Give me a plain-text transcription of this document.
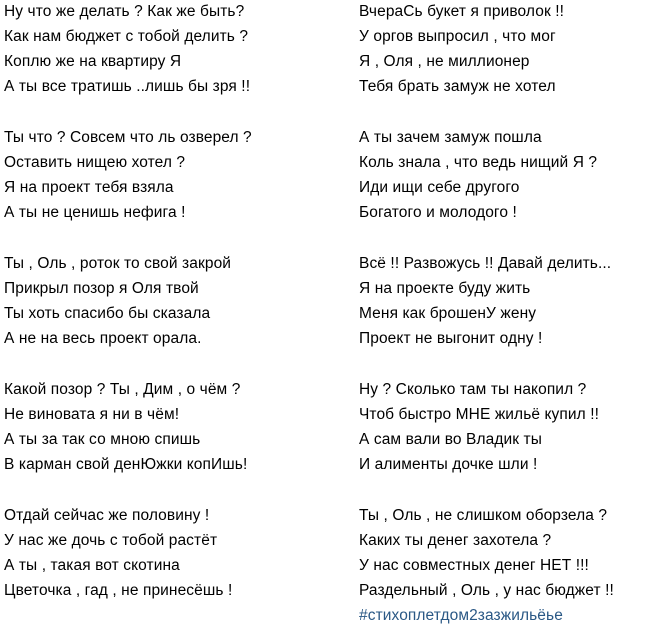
Ну что же делать ? Как же быть?
Как нам бюджет с тобой делить ?
Коплю же на квартиру Я
А ты все тратишь ..лишь бы зря !!
Ты что ? Совсем что ль озверел ?
Оставить нищею хотел ?
Я на проект тебя взяла
А ты не ценишь нефига !
Ты , Оль , роток то свой закрой
Прикрыл позор я Оля твой
Ты хоть спасибо бы сказала
А не на весь проект орала.
Какой позор ? Ты , Дим , о чём ?
Не виновата я ни в чём!
А ты за так со мною спишь
В карман свой денЮжки копИшь!
Отдай сейчас же половину !
У нас же дочь с тобой растёт
А ты , такая вот скотина
Цветочка , гад , не принесёшь !
ВчераСь букет я приволок !!
У оргов выпросил , что мог
Я , Оля , не миллионер
Тебя брать замуж не хотел
А ты зачем замуж пошла
Коль знала , что ведь нищий Я ?
Иди ищи себе другого
Богатого и молодого !
Всё !! Развожусь !! Давай делить...
Я на проекте буду жить
Меня как брошенУ жену
Проект не выгонит одну !
Ну ? Сколько там ты накопил ?
Чтоб быстро МНЕ жильё купил !!
А сам вали во Владик ты
И алименты дочке шли !
Ты , Оль , не слишком оборзела ?
Каких ты денег захотела ?
У нас совместных денег НЕТ !!!
Раздельный , Оль , у нас бюджет !!
#стихоплетдом2зазжильёье
